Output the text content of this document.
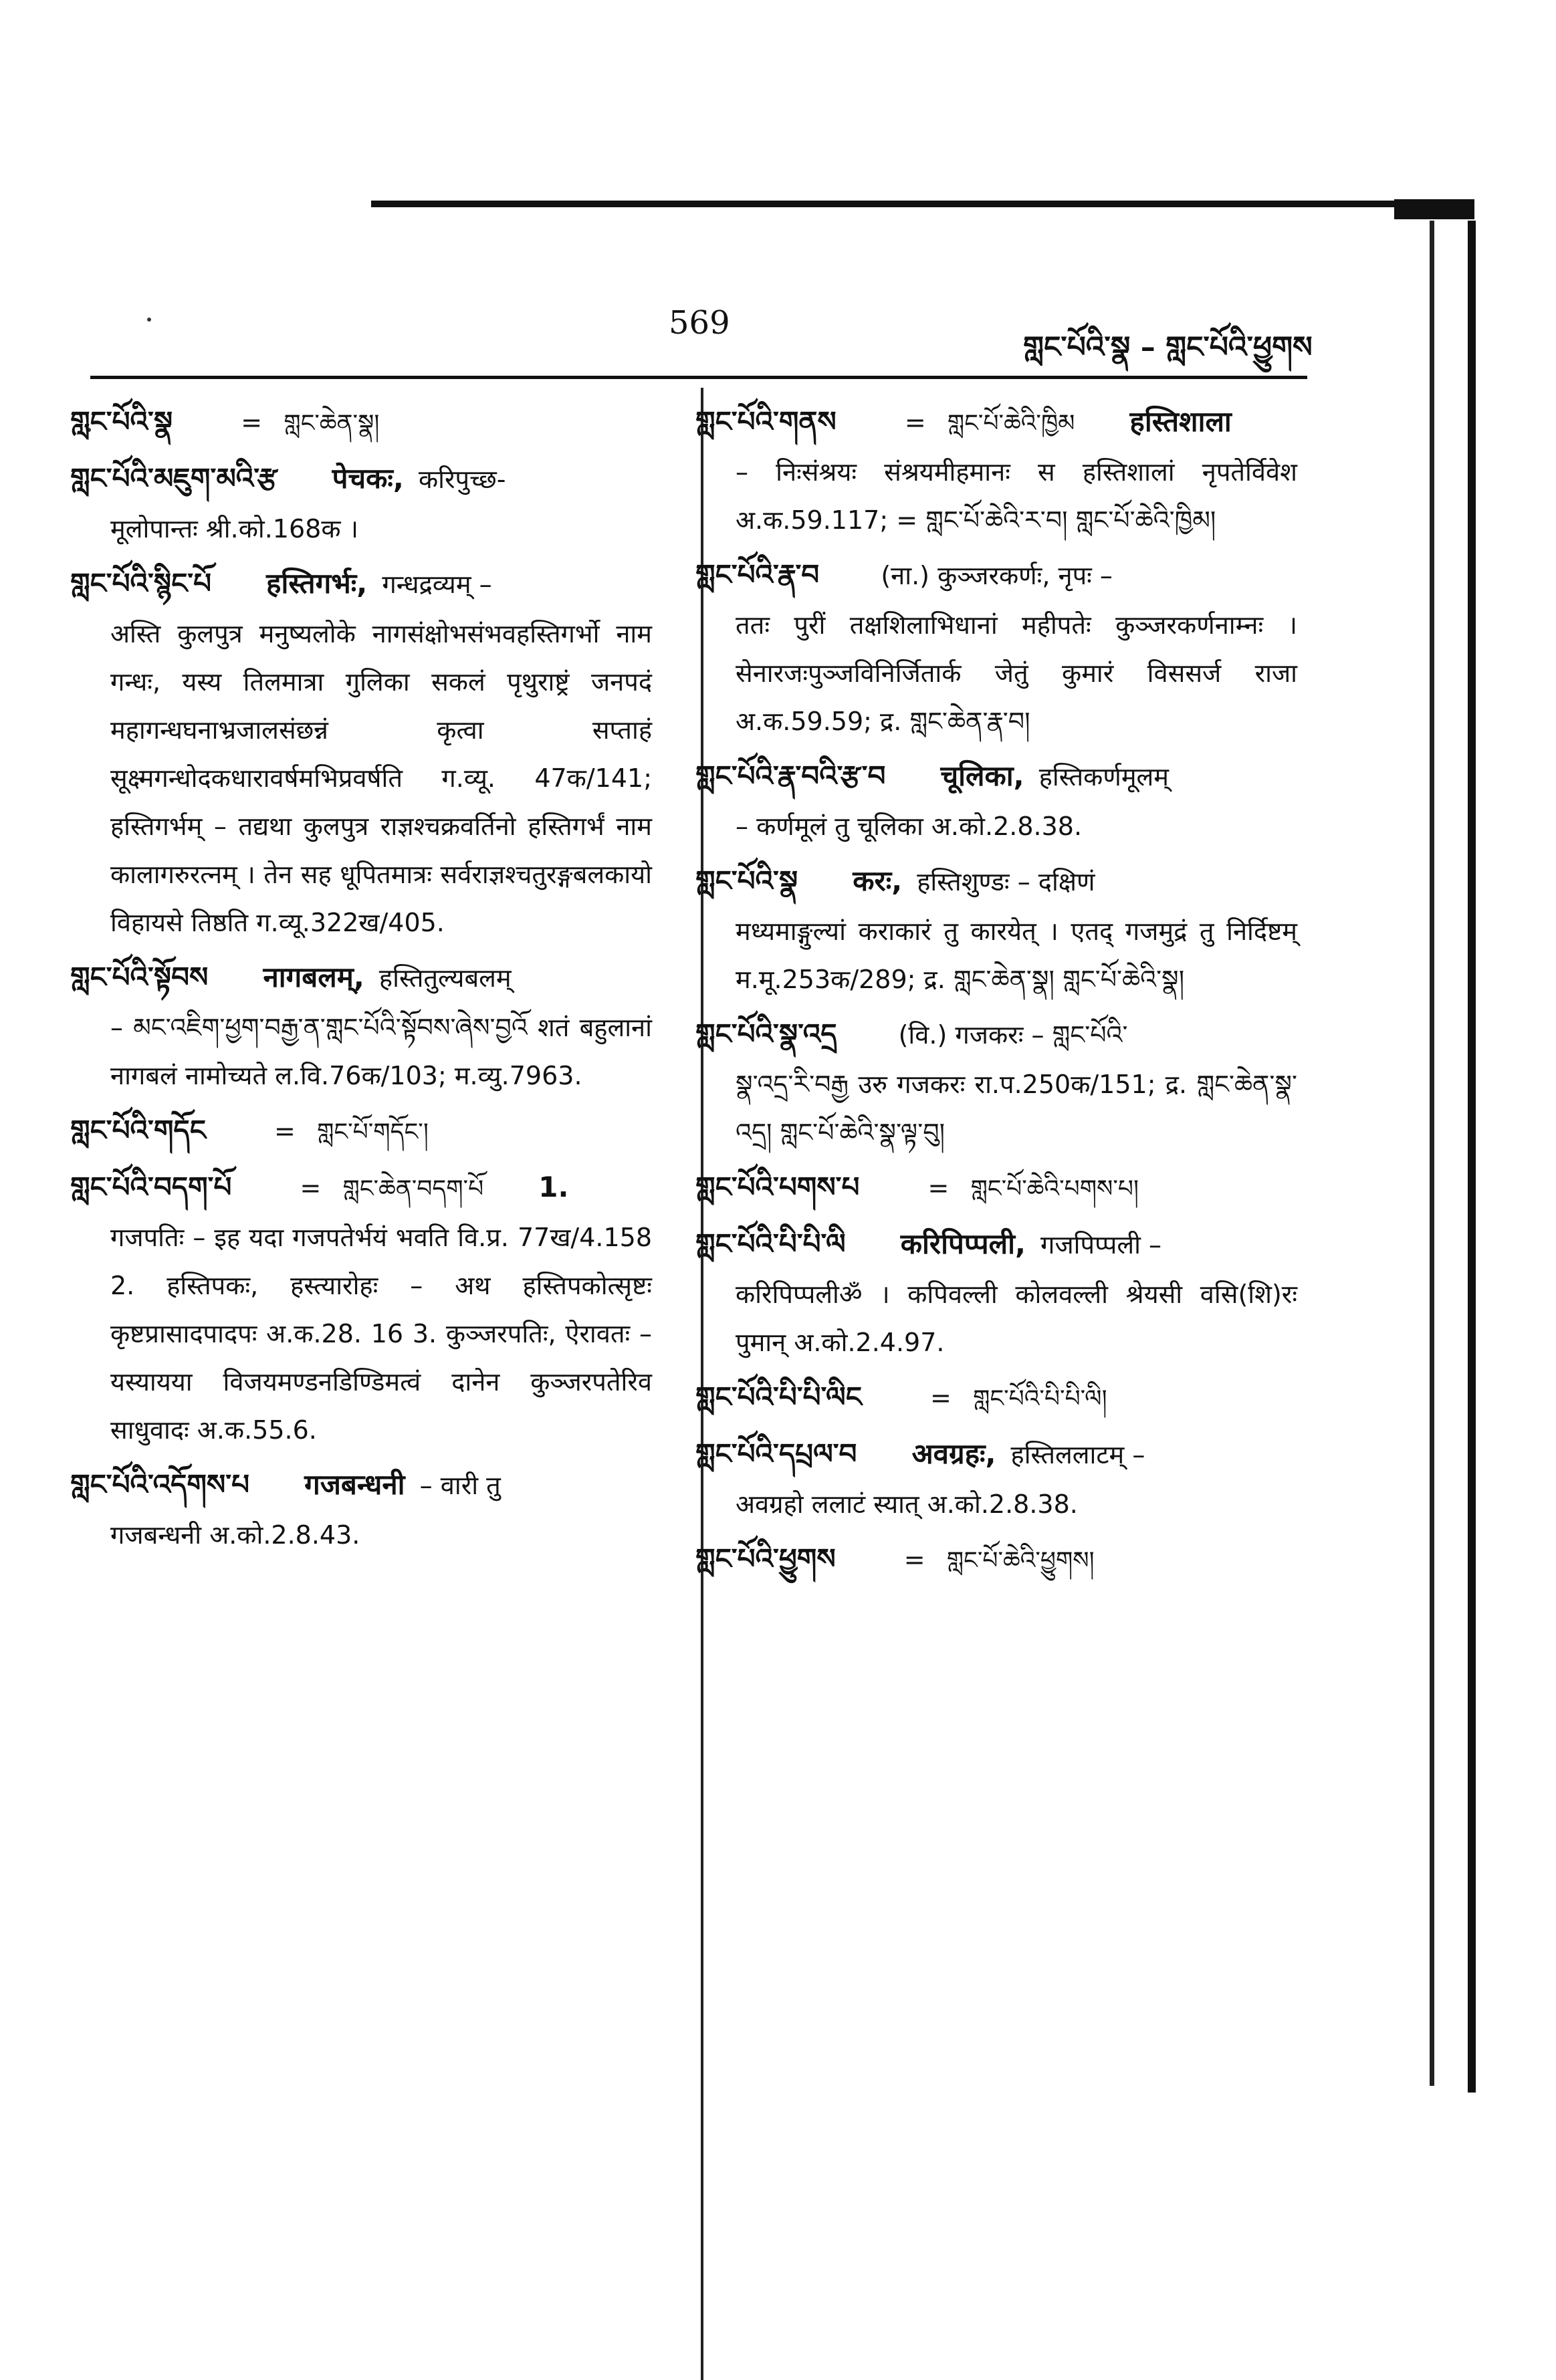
569
གླང་པོའི་སྣ – གླང་པོའི་ཕྱུགས
གླང་པོའི་སྣ	= གླང་ཆེན་སྣ།
གླང་པོའི་མཇུག་མའི་རྩ पेचकः, करिपुच्छ-
मूलोपान्तः श्री.को.168क ।
གླང་པོའི་སྙིང་པོ हस्तिगर्भः, गन्धद्रव्यम् –
अस्ति कुलपुत्र मनुष्यलोके नागसंक्षोभसंभवहस्तिगर्भो नाम गन्धः, यस्य तिलमात्रा गुलिका सकलं पृथुराष्ट्रं जनपदं महागन्धघनाभ्रजालसंछन्नं कृत्वा सप्ताहं सूक्ष्मगन्धोदकधारावर्षमभिप्रवर्षति ग.व्यू. 47क/141; हस्तिगर्भम् – तद्यथा कुलपुत्र राज्ञश्चक्रवर्तिनो हस्तिगर्भं नाम कालागरुरत्नम् । तेन सह धूपितमात्रः सर्वराज्ञश्चतुरङ्गबलकायो विहायसे तिष्ठति ग.व्यू.322ख/405.
གླང་པོའི་སྟོབས नागबलम्, हस्तितुल्यबलम्
– མང་འཇིག་ཕྱག་བརྒྱ་ན་གླང་པོའི་སྟོབས་ཞེས་བྱའོ शतं बहुलानां नागबलं नामोच्यते ल.वि.76क/103; म.व्यु.7963.
གླང་པོའི་གདོང	= གླང་པོ་གདོང་།
གླང་པོའི་བདག་པོ	= གླང་ཆེན་བདག་པོ 1.
गजपतिः – इह यदा गजपतेर्भयं भवति वि.प्र. 77ख/4.158 2. हस्तिपकः, हस्त्यारोहः – अथ हस्तिपकोत्सृष्टः कृष्टप्रासादपादपः अ.क.28. 16 3. कुञ्जरपतिः, ऐरावतः – यस्यायया विजयमण्डनडिण्डिमत्वं दानेन कुञ्जरपतेरिव साधुवादः अ.क.55.6.
གླང་པོའི་འདོགས་པ गजबन्धनी – वारी तु
गजबन्धनी अ.को.2.8.43.
གླང་པོའི་གནས	= གླང་པོ་ཆེའི་ཁྱིམ हस्तिशाला
– निःसंश्रयः संश्रयमीहमानः स हस्तिशालां नृपतेर्विवेश अ.क.59.117; = གླང་པོ་ཆེའི་ར་བ། གླང་པོ་ཆེའི་ཁྱིམ།
གླང་པོའི་རྣ་བ (ना.) कुञ्जरकर्णः, नृपः –
ततः पुरीं तक्षशिलाभिधानां महीपतेः कुञ्जरकर्णनाम्नः । सेनारजःपुञ्जविनिर्जितार्क जेतुं कुमारं विससर्ज राजा अ.क.59.59; द्र. གླང་ཆེན་རྣ་བ།
གླང་པོའི་རྣ་བའི་རྩ་བ चूलिका, हस्तिकर्णमूलम्
– कर्णमूलं तु चूलिका अ.को.2.8.38.
གླང་པོའི་སྣ करः, हस्तिशुण्डः – दक्षिणं
मध्यमाङ्गुल्यां कराकारं तु कारयेत् । एतद् गजमुद्रं तु निर्दिष्टम् म.मू.253क/289; द्र. གླང་ཆེན་སྣ། གླང་པོ་ཆེའི་སྣ།
གླང་པོའི་སྣ་འདྲ (वि.) गजकरः – གླང་པོའི་
སྣ་འདྲ་རི་བརྒྱ उरु गजकरः रा.प.250क/151; द्र. གླང་ཆེན་སྣ་འདྲ། གླང་པོ་ཆེའི་སྣ་ལྟ་བུ།
གླང་པོའི་པགས་པ	= གླང་པོ་ཆེའི་པགས་པ།
གླང་པོའི་པི་པི་ལི करिपिप्पली, गजपिप्पली –
करिपिप्पलीॐ । कपिवल्ली कोलवल्ली श्रेयसी वसि(शि)रः पुमान् अ.को.2.4.97.
གླང་པོའི་པི་པི་ལིང	= གླང་པོའི་པི་པི་ལི།
གླང་པོའི་དཔྲལ་བ अवग्रहः, हस्तिललाटम् –
अवग्रहो ललाटं स्यात् अ.को.2.8.38.
གླང་པོའི་ཕྱུགས	= གླང་པོ་ཆེའི་ཕྱུགས།
